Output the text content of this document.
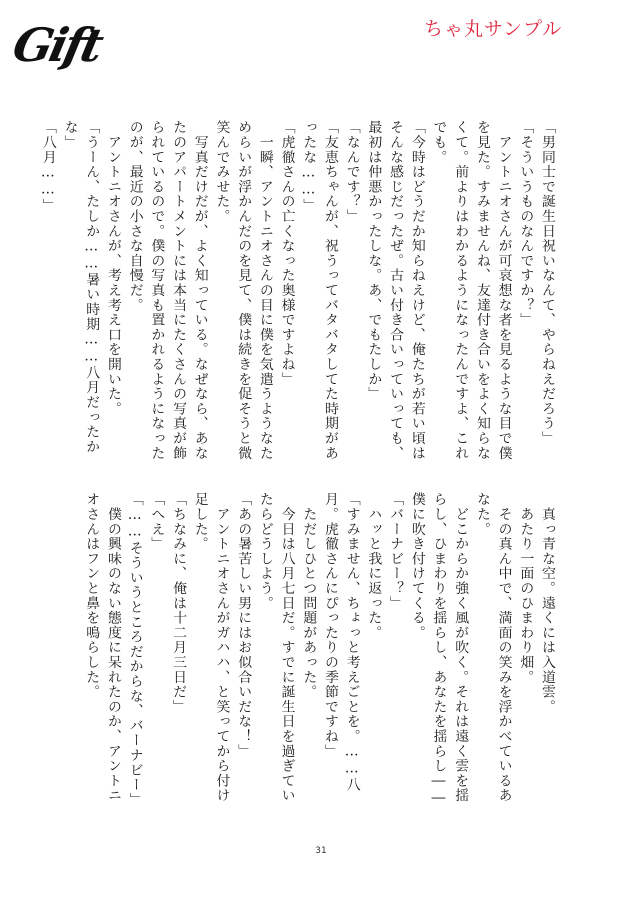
Gift	ちゃ丸サンプル

「男同士で誕生日祝いなんて、やらねえだろう」

「そういうものなんですか？」

　アントニオさんが可哀想な者を見るような目で僕を見た。すみませんね、友達付き合いをよく知らなくて。前よりはわかるようになったんですよ、これでも。

「今時はどうだか知らねえけど、俺たちが若い頃はそんな感じだったぜ。古い付き合いっていっても、最初は仲悪かったしな。あ、でもたしか」

「なんです？」

「友恵ちゃんが、祝うってバタバタしてた時期があったな……」

「虎徹さんの亡くなった奥様ですよね」

　一瞬、アントニオさんの目に僕を気遣うようなためらいが浮かんだのを見て、僕は続きを促そうと微笑んでみせた。

　写真だけだが、よく知っている。なぜなら、あなたのアパートメントには本当にたくさんの写真が飾られているので。僕の写真も置かれるようになったのが、最近の小さな自慢だ。

　アントニオさんが、考え考え口を開いた。

「うーん、たしか……暑い時期……八月だったかな」

「八月……」

　真っ青な空。遠くには入道雲。

　あたり一面のひまわり畑。

　その真ん中で、満面の笑みを浮かべているあなた。

　どこからか強く風が吹く。それは遠く雲を揺らし、ひまわりを揺らし、あなたを揺らし――僕に吹き付けてくる。

「バーナビー？」

　ハッと我に返った。

「すみません、ちょっと考えごとを。……八月。虎徹さんにぴったりの季節ですね」

　ただしひとつ問題があった。

　今日は八月七日だ。すでに誕生日を過ぎていたらどうしよう。

「あの暑苦しい男にはお似合いだな！」

　アントニオさんがガハハ、と笑ってから付け足した。

「ちなみに、俺は十二月三日だ」

「へえ」

「……そういうところだからな、バーナビー」

　僕の興味のない態度に呆れたのか、アントニオさんはフンと鼻を鳴らした。

31
